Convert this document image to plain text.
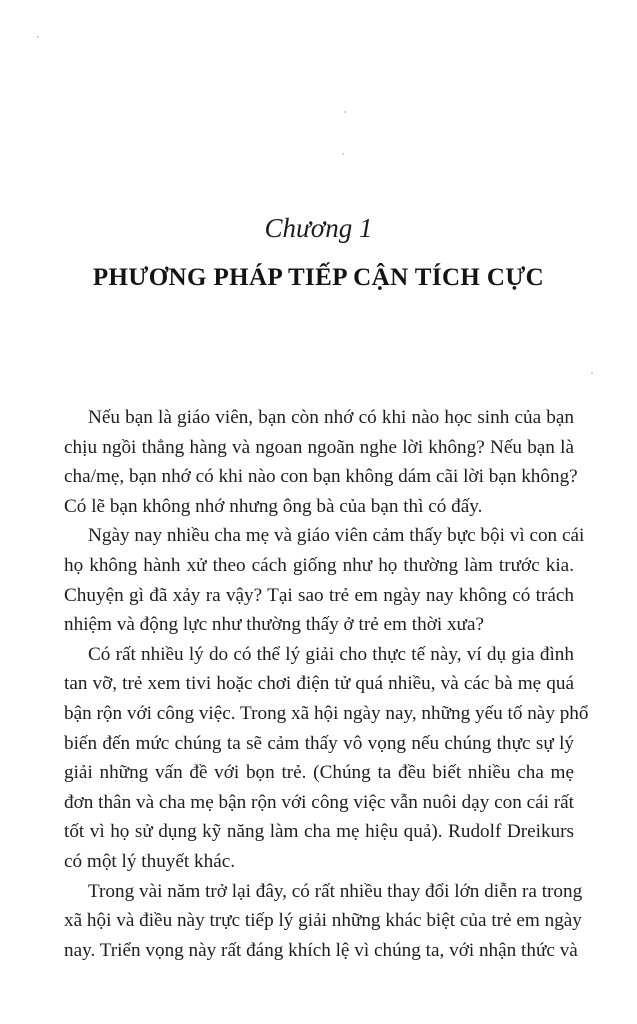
Chương 1
PHƯƠNG PHÁP TIẾP CẬN TÍCH CỰC
Nếu bạn là giáo viên, bạn còn nhớ có khi nào học sinh của bạn
chịu ngồi thẳng hàng và ngoan ngoãn nghe lời không? Nếu bạn là
cha/mẹ, bạn nhớ có khi nào con bạn không dám cãi lời bạn không?
Có lẽ bạn không nhớ nhưng ông bà của bạn thì có đấy.
Ngày nay nhiều cha mẹ và giáo viên cảm thấy bực bội vì con cái
họ không hành xử theo cách giống như họ thường làm trước kia.
Chuyện gì đã xảy ra vậy? Tại sao trẻ em ngày nay không có trách
nhiệm và động lực như thường thấy ở trẻ em thời xưa?
Có rất nhiều lý do có thể lý giải cho thực tế này, ví dụ gia đình
tan vỡ, trẻ xem tivi hoặc chơi điện tử quá nhiều, và các bà mẹ quá
bận rộn với công việc. Trong xã hội ngày nay, những yếu tố này phổ
biến đến mức chúng ta sẽ cảm thấy vô vọng nếu chúng thực sự lý
giải những vấn đề với bọn trẻ. (Chúng ta đều biết nhiều cha mẹ
đơn thân và cha mẹ bận rộn với công việc vẫn nuôi dạy con cái rất
tốt vì họ sử dụng kỹ năng làm cha mẹ hiệu quả). Rudolf Dreikurs
có một lý thuyết khác.
Trong vài năm trở lại đây, có rất nhiều thay đổi lớn diễn ra trong
xã hội và điều này trực tiếp lý giải những khác biệt của trẻ em ngày
nay. Triển vọng này rất đáng khích lệ vì chúng ta, với nhận thức và
